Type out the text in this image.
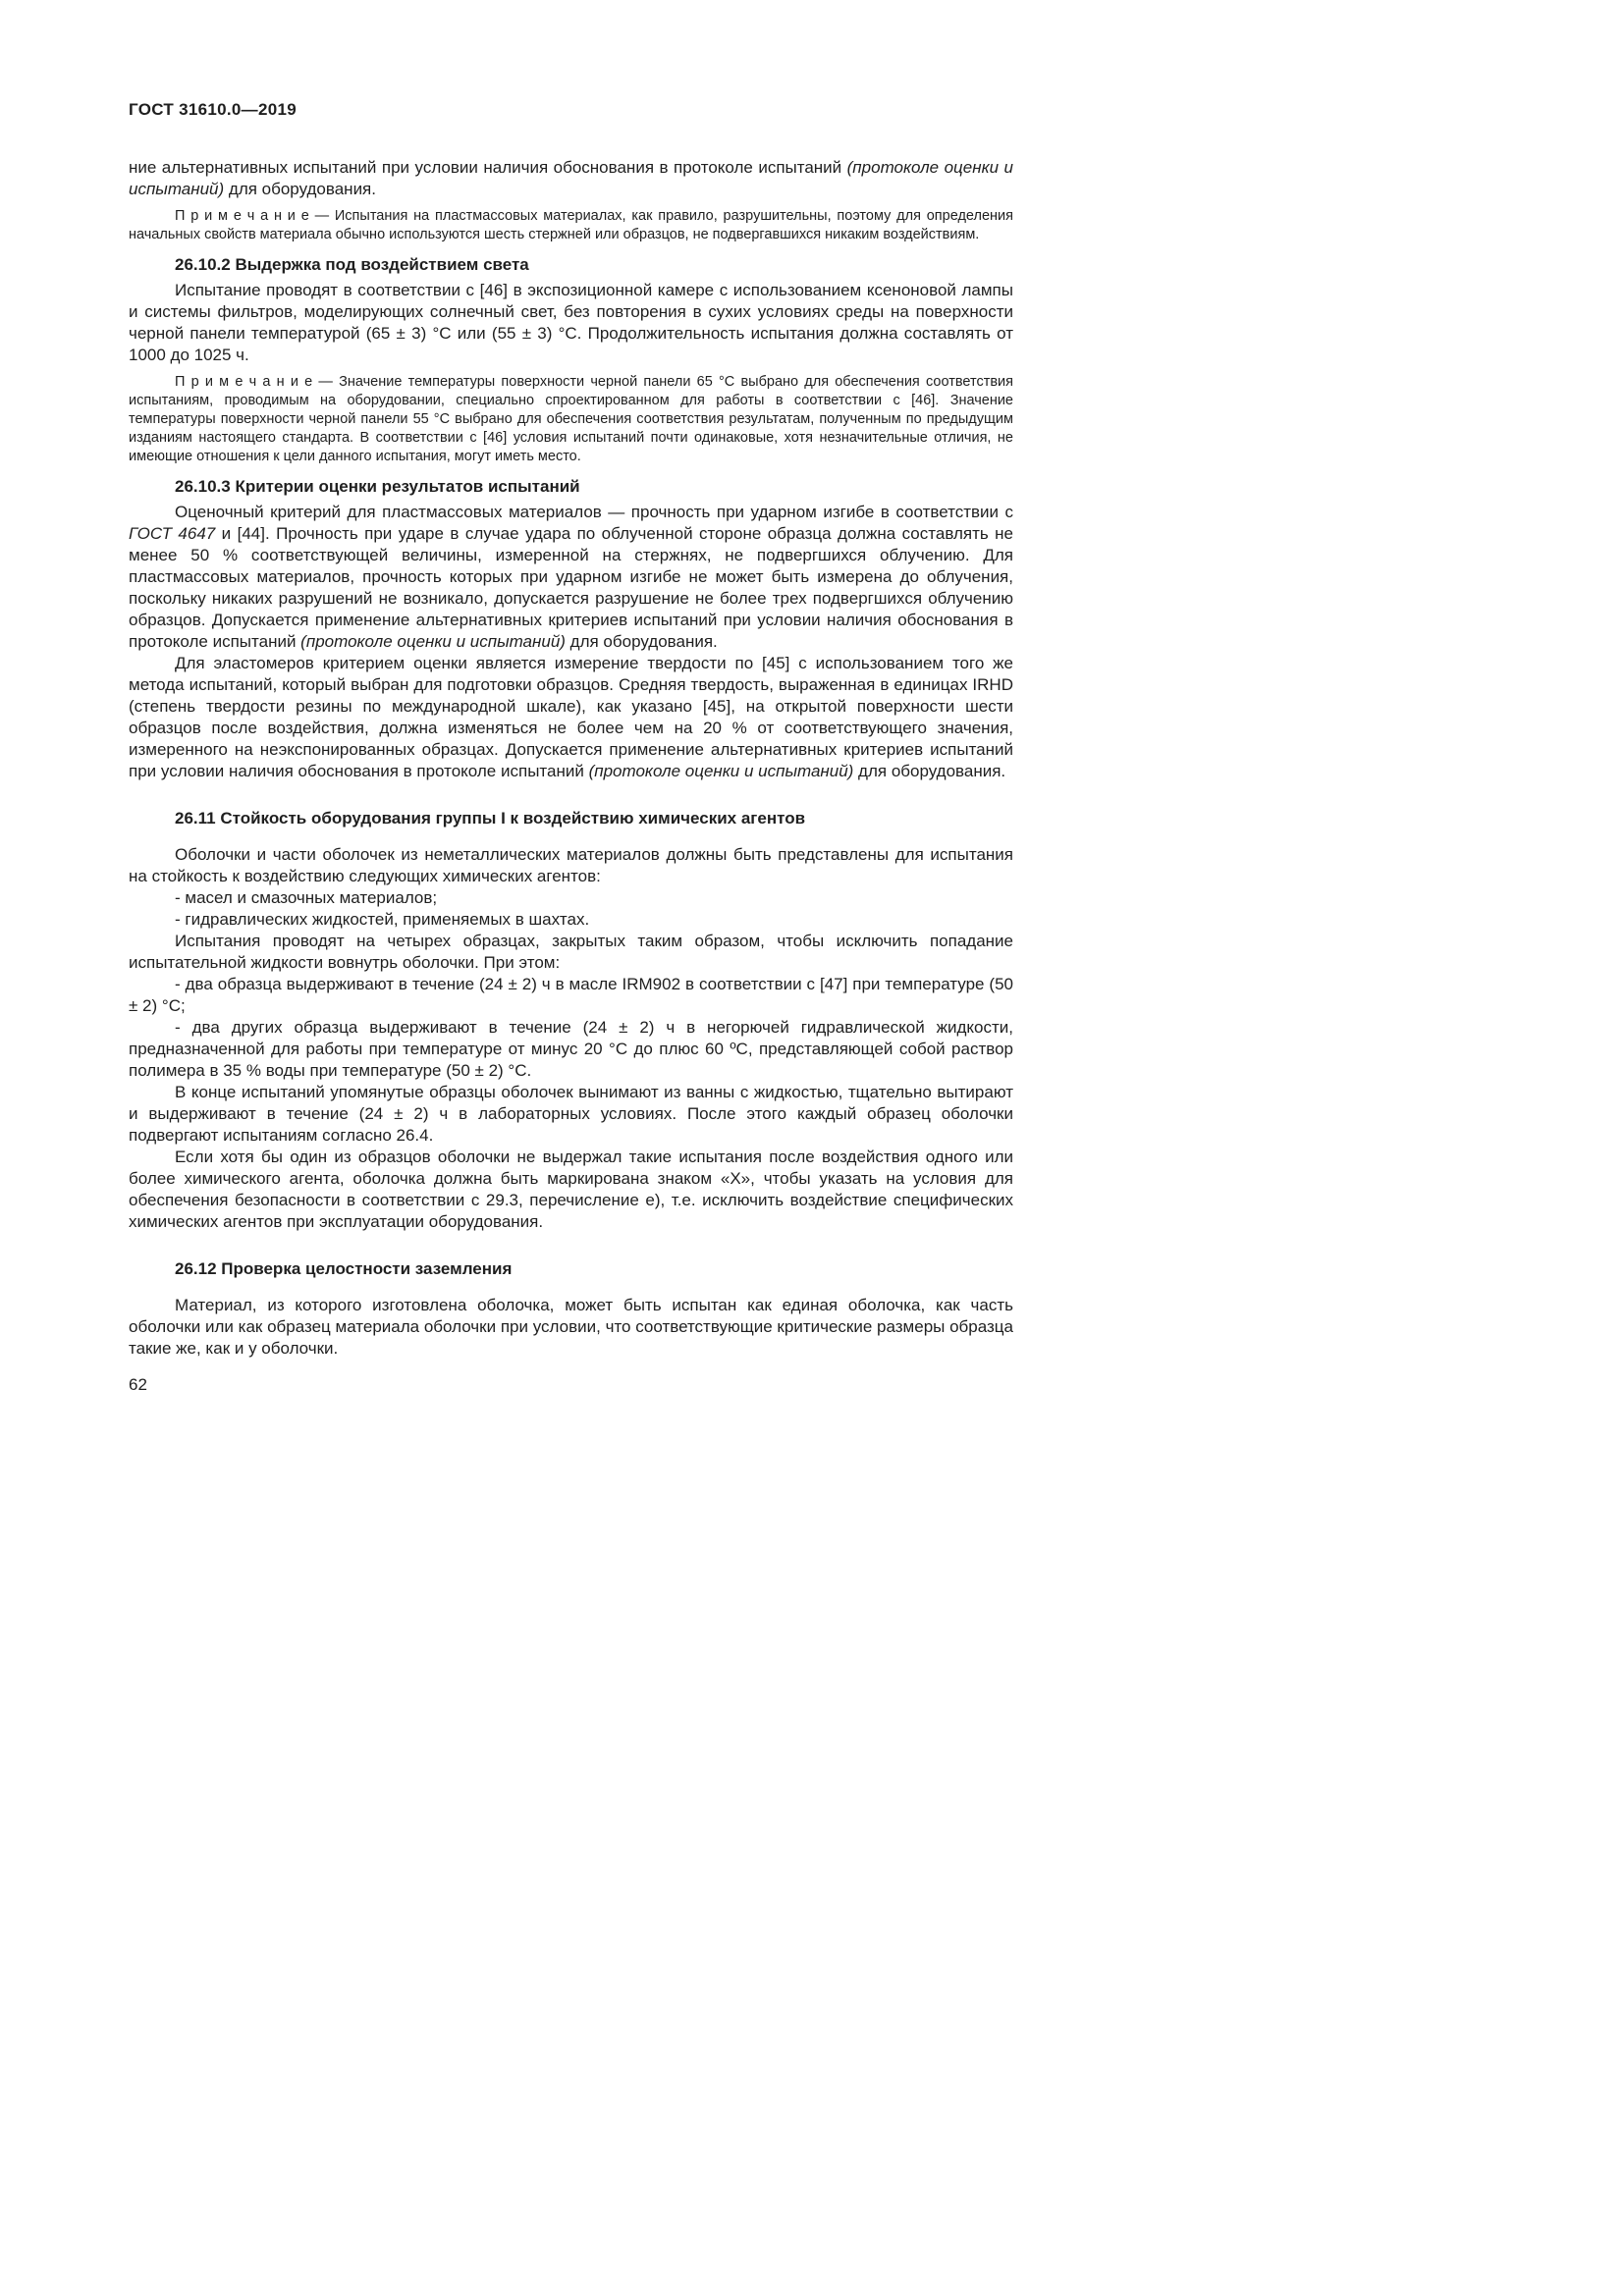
ГОСТ 31610.0—2019

ние альтернативных испытаний при условии наличия обоснования в протоколе испытаний (протоколе оценки и испытаний) для оборудования.

П р и м е ч а н и е — Испытания на пластмассовых материалах, как правило, разрушительны, поэтому для определения начальных свойств материала обычно используются шесть стержней или образцов, не подвергавшихся никаким воздействиям.

26.10.2 Выдержка под воздействием света

Испытание проводят в соответствии с [46] в экспозиционной камере с использованием ксеноновой лампы и системы фильтров, моделирующих солнечный свет, без повторения в сухих условиях среды на поверхности черной панели температурой (65 ± 3) °С или (55 ± 3) °С. Продолжительность испытания должна составлять от 1000 до 1025 ч.

П р и м е ч а н и е — Значение температуры поверхности черной панели 65 °С выбрано для обеспечения соответствия испытаниям, проводимым на оборудовании, специально спроектированном для работы в соответствии с [46]. Значение температуры поверхности черной панели 55 °С выбрано для обеспечения соответствия результатам, полученным по предыдущим изданиям настоящего стандарта. В соответствии с [46] условия испытаний почти одинаковые, хотя незначительные отличия, не имеющие отношения к цели данного испытания, могут иметь место.

26.10.3 Критерии оценки результатов испытаний

Оценочный критерий для пластмассовых материалов — прочность при ударном изгибе в соответствии с ГОСТ 4647 и [44]. Прочность при ударе в случае удара по облученной стороне образца должна составлять не менее 50 % соответствующей величины, измеренной на стержнях, не подвергшихся облучению. Для пластмассовых материалов, прочность которых при ударном изгибе не может быть измерена до облучения, поскольку никаких разрушений не возникало, допускается разрушение не более трех подвергшихся облучению образцов. Допускается применение альтернативных критериев испытаний при условии наличия обоснования в протоколе испытаний (протоколе оценки и испытаний) для оборудования.

Для эластомеров критерием оценки является измерение твердости по [45] с использованием того же метода испытаний, который выбран для подготовки образцов. Средняя твердость, выраженная в единицах IRHD (степень твердости резины по международной шкале), как указано [45], на открытой поверхности шести образцов после воздействия, должна изменяться не более чем на 20 % от соответствующего значения, измеренного на неэкспонированных образцах. Допускается применение альтернативных критериев испытаний при условии наличия обоснования в протоколе испытаний (протоколе оценки и испытаний) для оборудования.

26.11 Стойкость оборудования группы I к воздействию химических агентов

Оболочки и части оболочек из неметаллических материалов должны быть представлены для испытания на стойкость к воздействию следующих химических агентов:

- масел и смазочных материалов;

- гидравлических жидкостей, применяемых в шахтах.

Испытания проводят на четырех образцах, закрытых таким образом, чтобы исключить попадание испытательной жидкости вовнутрь оболочки. При этом:

- два образца выдерживают в течение (24 ± 2) ч в масле IRM902 в соответствии с [47] при температуре (50 ± 2) °С;

- два других образца выдерживают в течение (24 ± 2) ч в негорючей гидравлической жидкости, предназначенной для работы при температуре от минус 20 °С до плюс 60 ºС, представляющей собой раствор полимера в 35 % воды при температуре (50 ± 2) °С.

В конце испытаний упомянутые образцы оболочек вынимают из ванны с жидкостью, тщательно вытирают и выдерживают в течение (24 ± 2) ч в лабораторных условиях. После этого каждый образец оболочки подвергают испытаниям согласно 26.4.

Если хотя бы один из образцов оболочки не выдержал такие испытания после воздействия одного или более химического агента, оболочка должна быть маркирована знаком «X», чтобы указать на условия для обеспечения безопасности в соответствии с 29.3, перечисление е), т.е. исключить воздействие специфических химических агентов при эксплуатации оборудования.

26.12 Проверка целостности заземления

Материал, из которого изготовлена оболочка, может быть испытан как единая оболочка, как часть оболочки или как образец материала оболочки при условии, что соответствующие критические размеры образца такие же, как и у оболочки.

62
